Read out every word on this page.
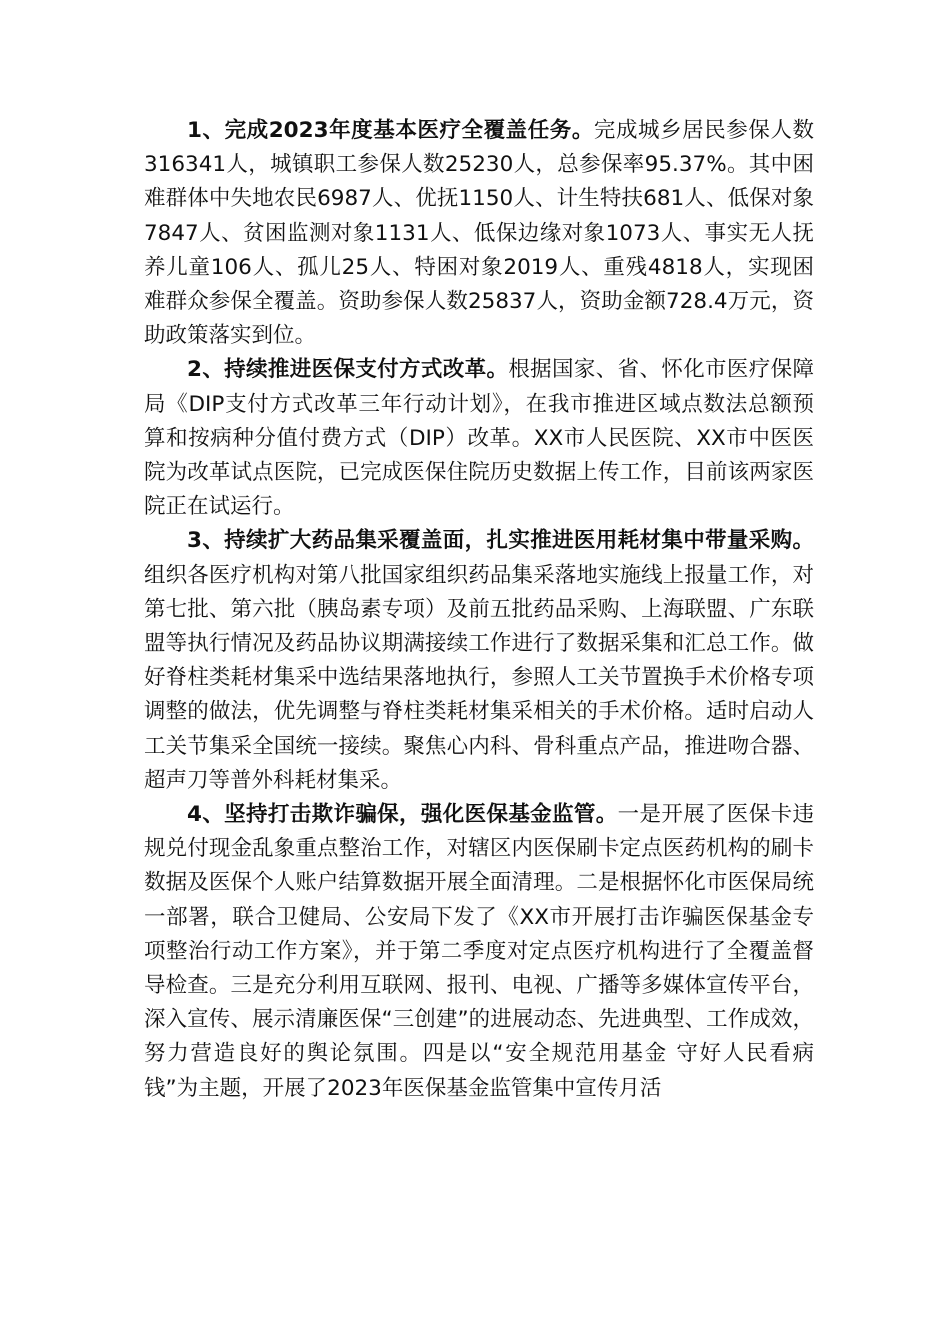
1、完成2023年度基本医疗全覆盖任务。完成城乡居民参保人数316341人，城镇职工参保人数25230人，总参保率95.37%。其中困难群体中失地农民6987人、优抚1150人、计生特扶681人、低保对象7847人、贫困监测对象1131人、低保边缘对象1073人、事实无人抚养儿童106人、孤儿25人、特困对象2019人、重残4818人，实现困难群众参保全覆盖。资助参保人数25837人，资助金额728.4万元，资助政策落实到位。

2、持续推进医保支付方式改革。根据国家、省、怀化市医疗保障局《DIP支付方式改革三年行动计划》，在我市推进区域点数法总额预算和按病种分值付费方式（DIP）改革。XX市人民医院、XX市中医医院为改革试点医院，已完成医保住院历史数据上传工作，目前该两家医院正在试运行。

3、持续扩大药品集采覆盖面，扎实推进医用耗材集中带量采购。组织各医疗机构对第八批国家组织药品集采落地实施线上报量工作，对第七批、第六批（胰岛素专项）及前五批药品采购、上海联盟、广东联盟等执行情况及药品协议期满接续工作进行了数据采集和汇总工作。做好脊柱类耗材集采中选结果落地执行，参照人工关节置换手术价格专项调整的做法，优先调整与脊柱类耗材集采相关的手术价格。适时启动人工关节集采全国统一接续。聚焦心内科、骨科重点产品，推进吻合器、超声刀等普外科耗材集采。

4、坚持打击欺诈骗保，强化医保基金监管。一是开展了医保卡违规兑付现金乱象重点整治工作，对辖区内医保刷卡定点医药机构的刷卡数据及医保个人账户结算数据开展全面清理。二是根据怀化市医保局统一部署，联合卫健局、公安局下发了《XX市开展打击诈骗医保基金专项整治行动工作方案》，并于第二季度对定点医疗机构进行了全覆盖督导检查。三是充分利用互联网、报刊、电视、广播等多媒体宣传平台，深入宣传、展示清廉医保“三创建”的进展动态、先进典型、工作成效，努力营造良好的舆论氛围。四是以“安全规范用基金 守好人民看病钱”为主题，开展了2023年医保基金监管集中宣传月活
